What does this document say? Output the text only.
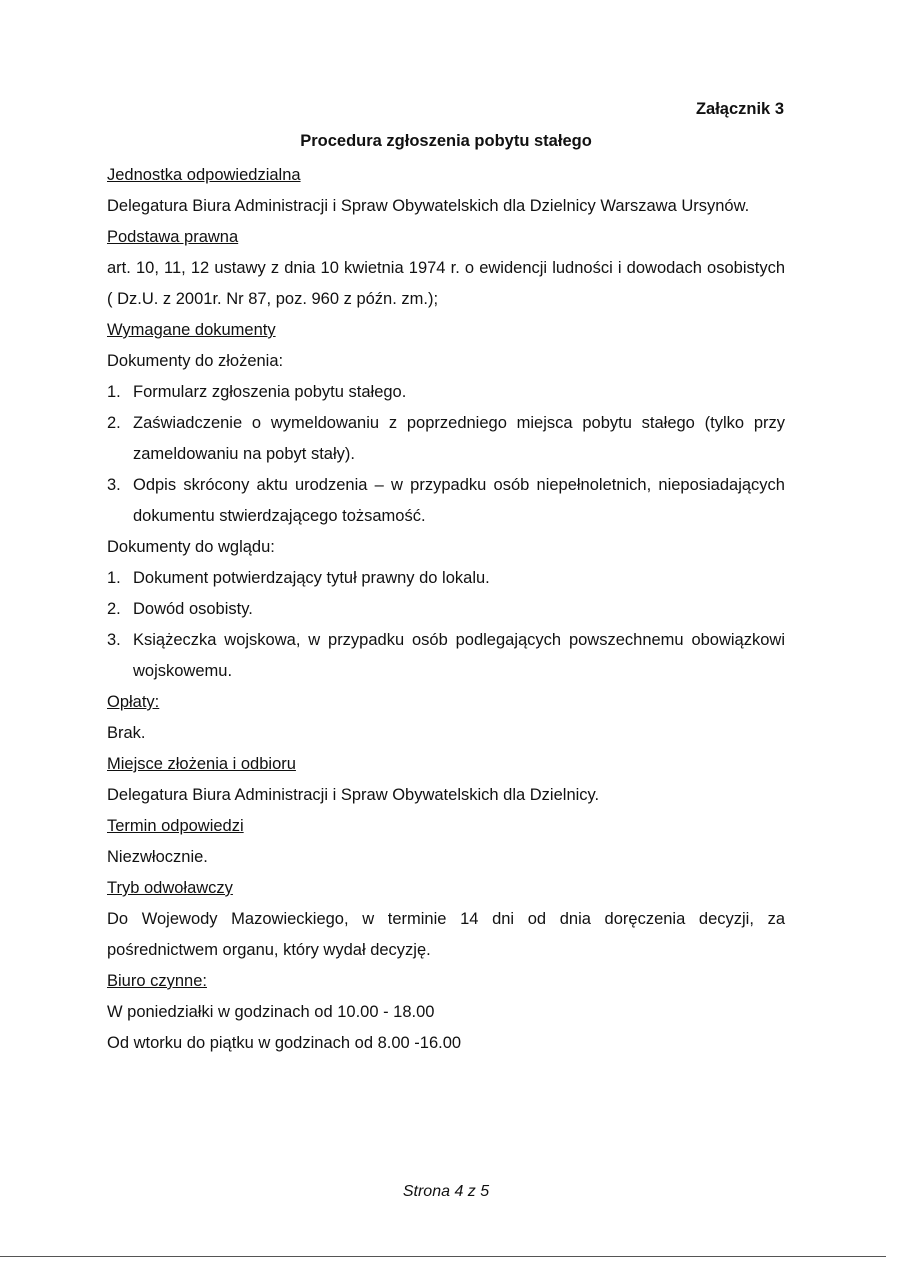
Załącznik 3
Procedura zgłoszenia pobytu stałego
Jednostka odpowiedzialna
Delegatura Biura Administracji i Spraw Obywatelskich dla Dzielnicy Warszawa Ursynów.
Podstawa prawna
art. 10, 11, 12 ustawy z dnia 10 kwietnia 1974 r. o ewidencji ludności i dowodach osobistych ( Dz.U. z 2001r. Nr 87, poz. 960 z późn. zm.);
Wymagane dokumenty
Dokumenty do złożenia:
1. Formularz zgłoszenia pobytu stałego.
2. Zaświadczenie o wymeldowaniu z poprzedniego miejsca pobytu stałego (tylko przy zameldowaniu na pobyt stały).
3. Odpis skrócony aktu urodzenia – w przypadku osób niepełnoletnich, nieposiadających dokumentu stwierdzającego tożsamość.
Dokumenty do wglądu:
1. Dokument potwierdzający tytuł prawny do lokalu.
2. Dowód osobisty.
3. Książeczka wojskowa, w przypadku osób podlegających powszechnemu obowiązkowi wojskowemu.
Opłaty:
Brak.
Miejsce złożenia i odbioru
Delegatura Biura Administracji i Spraw Obywatelskich dla Dzielnicy.
Termin odpowiedzi
Niezwłocznie.
Tryb odwoławczy
Do Wojewody Mazowieckiego, w terminie 14 dni od dnia doręczenia decyzji, za pośrednictwem organu, który wydał decyzję.
Biuro czynne:
W poniedziałki w godzinach od 10.00 - 18.00
Od wtorku do piątku w godzinach od 8.00 -16.00
Strona 4 z 5
